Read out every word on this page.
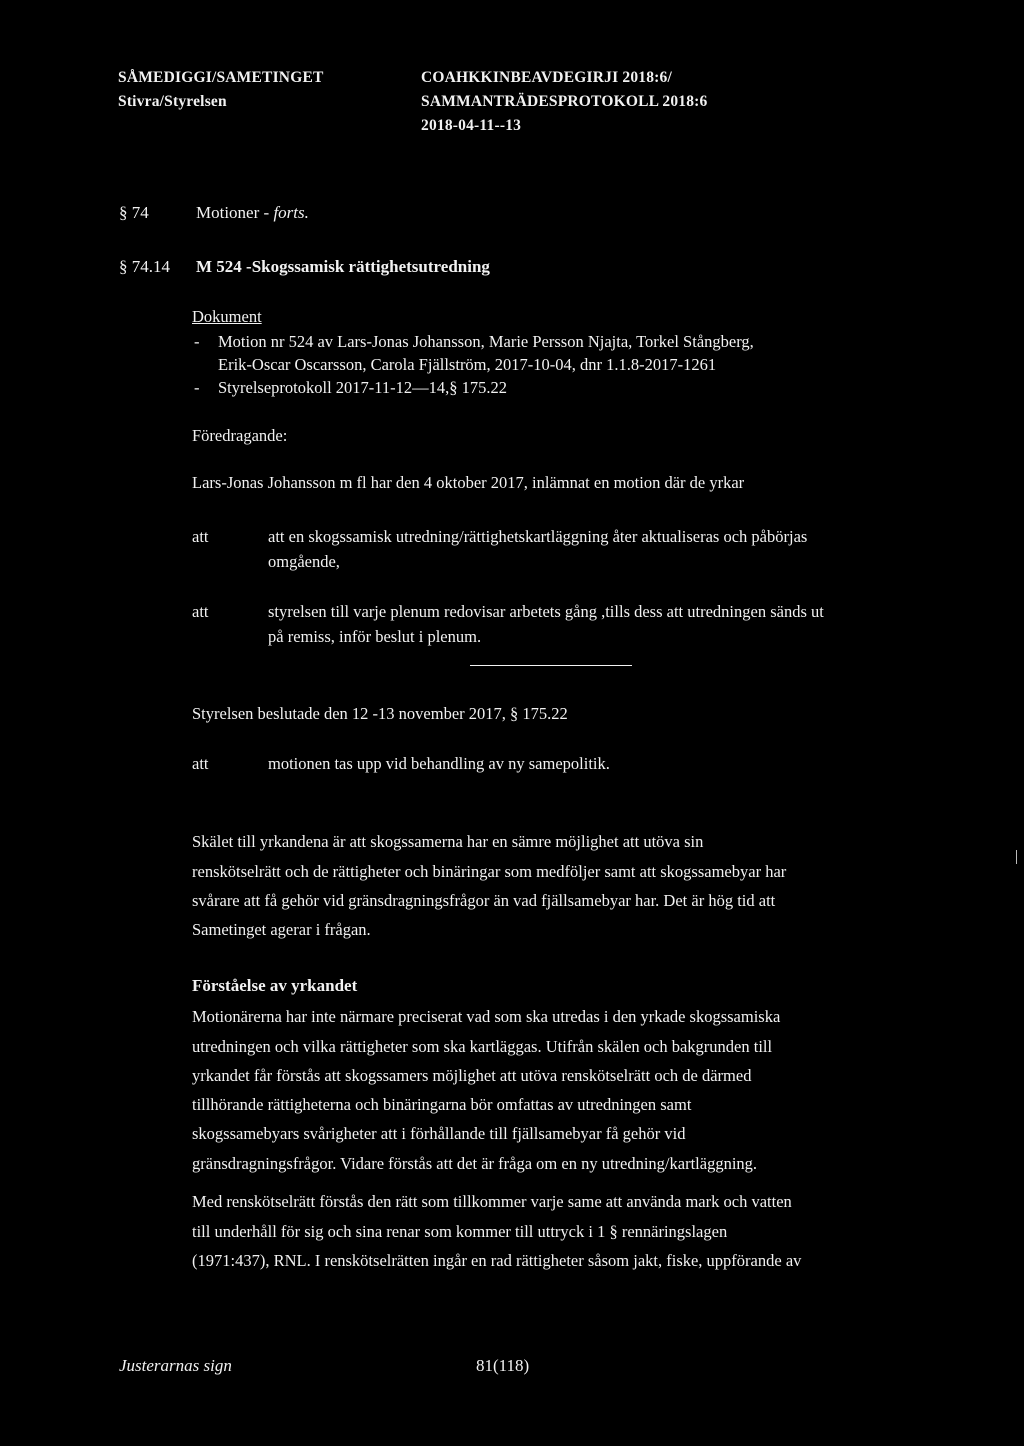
SÅMEDIGGI/SAMETINGET
Stivra/Styrelsen
COAHKKINBEAVDEGIRJI 2018:6/
SAMMANTRÄDESPROTOKOLL 2018:6
2018-04-11--13
§ 74	Motioner - forts.
§ 74.14 M 524 -Skogssamisk rättighetsutredning
Dokument
- Motion nr 524 av Lars-Jonas Johansson, Marie Persson Njajta, Torkel Stångberg,
Erik-Oscar Oscarsson, Carola Fjällström, 2017-10-04, dnr 1.1.8-2017-1261
- Styrelseprotokoll 2017-11-12—14,§ 175.22
Föredragande:
Lars-Jonas Johansson m fl har den 4 oktober 2017, inlämnat en motion där de yrkar
att	att en skogssamisk utredning/rättighetskartläggning åter aktualiseras och påbörjas
omgående,
att	styrelsen till varje plenum redovisar arbetets gång ,tills dess att utredningen sänds ut
på remiss, inför beslut i plenum.
Styrelsen beslutade den 12 -13 november 2017, § 175.22
att	motionen tas upp vid behandling av ny samepolitik.
Skälet till yrkandena är att skogssamerna har en sämre möjlighet att utöva sin
renskötselrätt och de rättigheter och binäringar som medföljer samt att skogssamebyar har
svårare att få gehör vid gränsdragningsfrågor än vad fjällsamebyar har. Det är hög tid att
Sametinget agerar i frågan.
Förståelse av yrkandet
Motionärerna har inte närmare preciserat vad som ska utredas i den yrkade skogssamiska
utredningen och vilka rättigheter som ska kartläggas. Utifrån skälen och bakgrunden till
yrkandet får förstås att skogssamers möjlighet att utöva renskötselrätt och de därmed
tillhörande rättigheterna och binäringarna bör omfattas av utredningen samt
skogssamebyars svårigheter att i förhållande till fjällsamebyar få gehör vid
gränsdragningsfrågor. Vidare förstås att det är fråga om en ny utredning/kartläggning.
Med renskötselrätt förstås den rätt som tillkommer varje same att använda mark och vatten
till underhåll för sig och sina renar som kommer till uttryck i 1 § rennäringslagen
(1971:437), RNL. I renskötselrätten ingår en rad rättigheter såsom jakt, fiske, uppförande av
Justerarnas sign	81(118)
